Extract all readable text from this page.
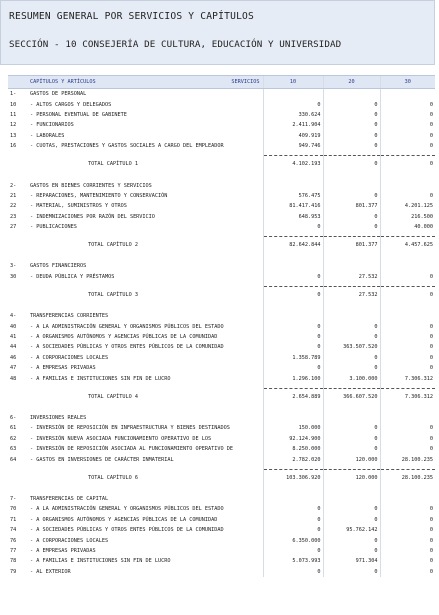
RESUMEN GENERAL POR SERVICIOS Y CAPÍTULOS
SECCIÓN - 10 CONSEJERÍA DE CULTURA, EDUCACIÓN Y UNIVERSIDAD
	CAPÍTULOS Y ARTÍCULOS SERVICIOS	10	20	30
1-	GASTOS DE PERSONAL			
10	- ALTOS CARGOS Y DELEGADOS	0	0	0
11	- PERSONAL EVENTUAL DE GABINETE	330.624	0	0
12	- FUNCIONARIOS	2.411.904	0	0
13	- LABORALES	409.919	0	0
16	- CUOTAS, PRESTACIONES Y GASTOS SOCIALES A CARGO DEL EMPLEADOR	949.746	0	0

	TOTAL CAPÍTULO 1	4.102.193	0	0

2-	GASTOS EN BIENES CORRIENTES Y SERVICIOS			
21	- REPARACIONES, MANTENIMIENTO Y CONSERVACIÓN	576.475	0	0
22	- MATERIAL, SUMINISTROS Y OTROS	81.417.416	801.377	4.201.125
23	- INDEMNIZACIONES POR RAZÓN DEL SERVICIO	648.953	0	216.500
27	- PUBLICACIONES	0	0	40.000

	TOTAL CAPÍTULO 2	82.642.844	801.377	4.457.625

3-	GASTOS FINANCIEROS			
30	- DEUDA PÚBLICA Y PRÉSTAMOS	0	27.532	0

	TOTAL CAPÍTULO 3	0	27.532	0

4-	TRANSFERENCIAS CORRIENTES			
40	- A LA ADMINISTRACIÓN GENERAL Y ORGANISMOS PÚBLICOS DEL ESTADO	0	0	0
41	- A ORGANISMOS AUTÓNOMOS Y AGENCIAS PÚBLICAS DE LA COMUNIDAD	0	0	0
44	- A SOCIEDADES PÚBLICAS Y OTROS ENTES PÚBLICOS DE LA COMUNIDAD	0	363.507.520	0
46	- A CORPORACIONES LOCALES	1.358.789	0	0
47	- A EMPRESAS PRIVADAS	0	0	0
48	- A FAMILIAS E INSTITUCIONES SIN FIN DE LUCRO	1.296.100	3.100.000	7.306.312

	TOTAL CAPÍTULO 4	2.654.889	366.607.520	7.306.312

6-	INVERSIONES REALES			
61	- INVERSIÓN DE REPOSICIÓN EN INFRAESTRUCTURA Y BIENES DESTINADOS	150.000	0	0
62	- INVERSIÓN NUEVA ASOCIADA FUNCIONAMIENTO OPERATIVO DE LOS	92.124.900	0	0
63	- INVERSIÓN DE REPOSICIÓN ASOCIADA AL FUNCIONAMIENTO OPERATIVO DE	8.250.000	0	0
64	- GASTOS EN INVERSIONES DE CARÁCTER INMATERIAL	2.782.020	120.000	28.100.235

	TOTAL CAPÍTULO 6	103.306.920	120.000	28.100.235

7-	TRANSFERENCIAS DE CAPITAL			
70	- A LA ADMINISTRACIÓN GENERAL Y ORGANISMOS PÚBLICOS DEL ESTADO	0	0	0
71	- A ORGANISMOS AUTÓNOMOS Y AGENCIAS PÚBLICAS DE LA COMUNIDAD	0	0	0
74	- A SOCIEDADES PÚBLICAS Y OTROS ENTES PÚBLICOS DE LA COMUNIDAD	0	95.762.142	0
76	- A CORPORACIONES LOCALES	6.350.000	0	0
77	- A EMPRESAS PRIVADAS	0	0	0
78	- A FAMILIAS E INSTITUCIONES SIN FIN DE LUCRO	5.073.993	971.304	0
79	- AL EXTERIOR	0	0	0
